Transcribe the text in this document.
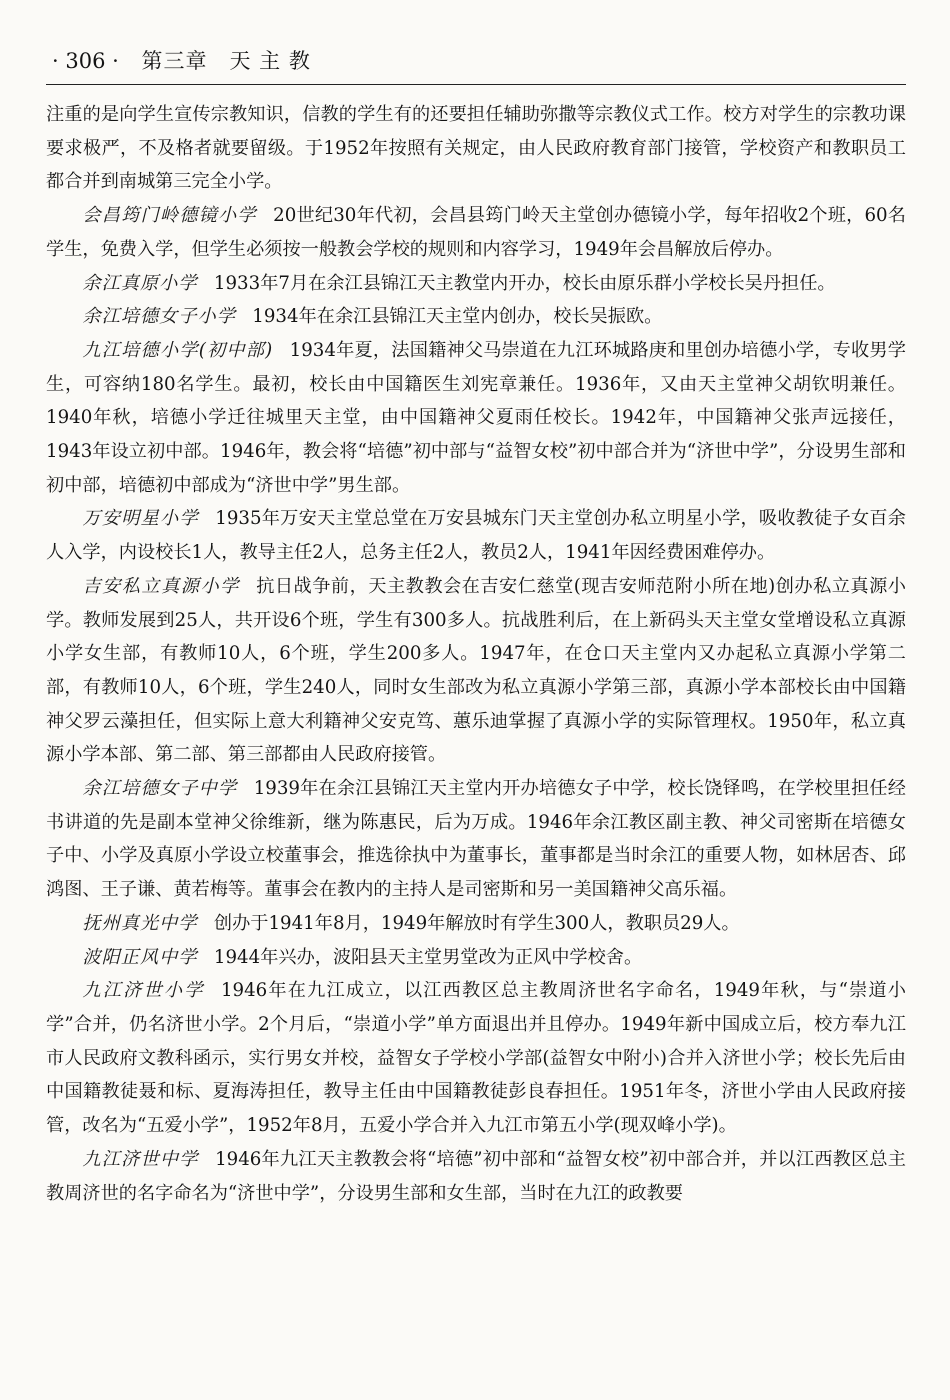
· 306 · 第三章　天 主 教

注重的是向学生宣传宗教知识，信教的学生有的还要担任辅助弥撒等宗教仪式工作。校方对学生的宗教功课要求极严，不及格者就要留级。于1952年按照有关规定，由人民政府教育部门接管，学校资产和教职员工都合并到南城第三完全小学。

会昌筠门岭德镜小学 20世纪30年代初，会昌县筠门岭天主堂创办德镜小学，每年招收2个班，60名学生，免费入学，但学生必须按一般教会学校的规则和内容学习，1949年会昌解放后停办。

余江真原小学 1933年7月在余江县锦江天主教堂内开办，校长由原乐群小学校长吴丹担任。

余江培德女子小学 1934年在余江县锦江天主堂内创办，校长吴振欧。

九江培德小学(初中部) 1934年夏，法国籍神父马崇道在九江环城路庚和里创办培德小学，专收男学生，可容纳180名学生。最初，校长由中国籍医生刘宪章兼任。1936年，又由天主堂神父胡钦明兼任。1940年秋，培德小学迁往城里天主堂，由中国籍神父夏雨任校长。1942年，中国籍神父张声远接任，1943年设立初中部。1946年，教会将“培德”初中部与“益智女校”初中部合并为“济世中学”，分设男生部和初中部，培德初中部成为“济世中学”男生部。

万安明星小学 1935年万安天主堂总堂在万安县城东门天主堂创办私立明星小学，吸收教徒子女百余人入学，内设校长1人，教导主任2人，总务主任2人，教员2人，1941年因经费困难停办。

吉安私立真源小学 抗日战争前，天主教教会在吉安仁慈堂(现吉安师范附小所在地)创办私立真源小学。教师发展到25人，共开设6个班，学生有300多人。抗战胜利后，在上新码头天主堂女堂增设私立真源小学女生部，有教师10人，6个班，学生200多人。1947年，在仓口天主堂内又办起私立真源小学第二部，有教师10人，6个班，学生240人，同时女生部改为私立真源小学第三部，真源小学本部校长由中国籍神父罗云藻担任，但实际上意大利籍神父安克笃、蕙乐迪掌握了真源小学的实际管理权。1950年，私立真源小学本部、第二部、第三部都由人民政府接管。

余江培德女子中学 1939年在余江县锦江天主堂内开办培德女子中学，校长饶铎鸣，在学校里担任经书讲道的先是副本堂神父徐维新，继为陈惠民，后为万成。1946年余江教区副主教、神父司密斯在培德女子中、小学及真原小学设立校董事会，推选徐执中为董事长，董事都是当时余江的重要人物，如林居杏、邱鸿图、王子谦、黄若梅等。董事会在教内的主持人是司密斯和另一美国籍神父高乐福。

抚州真光中学 创办于1941年8月，1949年解放时有学生300人，教职员29人。

波阳正风中学 1944年兴办，波阳县天主堂男堂改为正风中学校舍。

九江济世小学 1946年在九江成立，以江西教区总主教周济世名字命名，1949年秋，与“崇道小学”合并，仍名济世小学。2个月后，“崇道小学”单方面退出并且停办。1949年新中国成立后，校方奉九江市人民政府文教科函示，实行男女并校，益智女子学校小学部(益智女中附小)合并入济世小学；校长先后由中国籍教徒聂和标、夏海涛担任，教导主任由中国籍教徒彭良春担任。1951年冬，济世小学由人民政府接管，改名为“五爱小学”，1952年8月，五爱小学合并入九江市第五小学(现双峰小学)。

九江济世中学 1946年九江天主教教会将“培德”初中部和“益智女校”初中部合并，并以江西教区总主教周济世的名字命名为“济世中学”，分设男生部和女生部，当时在九江的政教要
